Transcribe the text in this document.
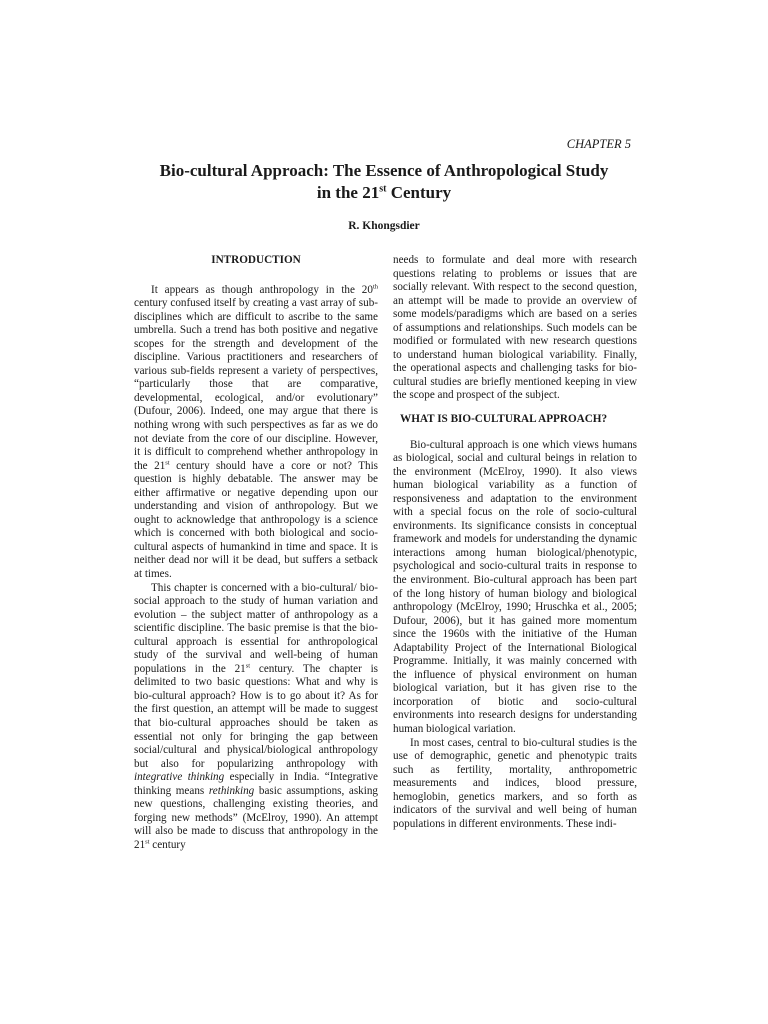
CHAPTER 5
Bio-cultural Approach: The Essence of Anthropological Study
in the 21st Century
R. Khongsdier
INTRODUCTION

It appears as though anthropology in the 20th century confused itself by creating a vast array of sub-disciplines which are difficult to ascribe to the same umbrella. Such a trend has both positive and negative scopes for the strength and development of the discipline. Various practitioners and researchers of various sub-fields represent a variety of perspectives, “particularly those that are comparative, developmental, ecological, and/or evolutionary” (Dufour, 2006). Indeed, one may argue that there is nothing wrong with such perspectives as far as we do not deviate from the core of our discipline. However, it is difficult to comprehend whether anthropology in the 21st century should have a core or not? This question is highly debatable. The answer may be either affirmative or negative depending upon our understanding and vision of anthropology. But we ought to acknowledge that anthropology is a science which is concerned with both biological and socio-cultural aspects of humankind in time and space. It is neither dead nor will it be dead, but suffers a setback at times.

This chapter is concerned with a bio-cultural/ bio-social approach to the study of human variation and evolution – the subject matter of anthropology as a scientific discipline. The basic premise is that the bio-cultural approach is essential for anthropological study of the survival and well-being of human populations in the 21st century. The chapter is delimited to two basic questions: What and why is bio-cultural approach? How is to go about it? As for the first question, an attempt will be made to suggest that bio-cultural approaches should be taken as essential not only for bringing the gap between social/cultural and physical/biological anthropology but also for popularizing anthropology with integrative thinking especially in India. “Integrative thinking means rethinking basic assumptions, asking new questions, challenging existing theories, and forging new methods” (McElroy, 1990). An attempt will also be made to discuss that anthropology in the 21st century

needs to formulate and deal more with research questions relating to problems or issues that are socially relevant. With respect to the second question, an attempt will be made to provide an overview of some models/paradigms which are based on a series of assumptions and relationships. Such models can be modified or formulated with new research questions to understand human biological variability. Finally, the operational aspects and challenging tasks for bio-cultural studies are briefly mentioned keeping in view the scope and prospect of the subject.

WHAT IS BIO-CULTURAL APPROACH?

Bio-cultural approach is one which views humans as biological, social and cultural beings in relation to the environment (McElroy, 1990). It also views human biological variability as a function of responsiveness and adaptation to the environment with a special focus on the role of socio-cultural environments. Its significance consists in conceptual framework and models for understanding the dynamic interactions among human biological/phenotypic, psychological and socio-cultural traits in response to the environment. Bio-cultural approach has been part of the long history of human biology and biological anthropology (McElroy, 1990; Hruschka et al., 2005; Dufour, 2006), but it has gained more momentum since the 1960s with the initiative of the Human Adaptability Project of the International Biological Programme. Initially, it was mainly concerned with the influence of physical environment on human biological variation, but it has given rise to the incorporation of biotic and socio-cultural environments into research designs for understanding human biological variation.

In most cases, central to bio-cultural studies is the use of demographic, genetic and phenotypic traits such as fertility, mortality, anthropometric measurements and indices, blood pressure, hemoglobin, genetics markers, and so forth as indicators of the survival and well being of human populations in different environments. These indi-
